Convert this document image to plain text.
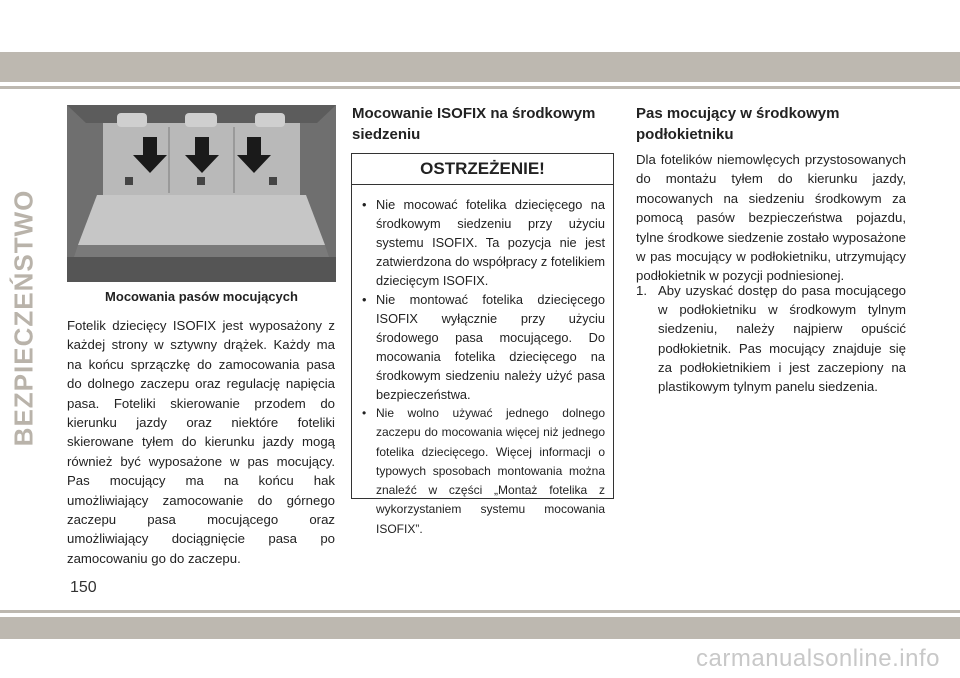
BEZPIECZEŃSTWO	Mocowania pasów mocujących

Fotelik dziecięcy ISOFIX jest wyposażony z każdej strony w sztywny drążek. Każdy ma na końcu sprzączkę do zamocowania pasa do dolnego zaczepu oraz regulację napięcia pasa. Foteliki skierowanie przodem do kierunku jazdy oraz niektóre foteliki skierowane tyłem do kierunku jazdy mogą również być wyposażone w pas mocujący. Pas mocujący ma na końcu hak umożliwiający zamocowanie do górnego zaczepu pasa mocującego oraz umożliwiający dociągnięcie pasa po zamocowaniu go do zaczepu.

Mocowanie ISOFIX na środkowym siedzeniu
OSTRZEŻENIE!
• Nie mocować fotelika dziecięcego na środkowym siedzeniu przy użyciu systemu ISOFIX. Ta pozycja nie jest zatwierdzona do współpracy z fotelikiem dziecięcym ISOFIX.
• Nie montować fotelika dziecięcego ISOFIX wyłącznie przy użyciu środowego pasa mocującego. Do mocowania fotelika dziecięcego na środkowym siedzeniu należy użyć pasa bezpieczeństwa.
• Nie wolno używać jednego dolnego zaczepu do mocowania więcej niż jednego fotelika dziecięcego. Więcej informacji o typowych sposobach montowania można znaleźć w części „Montaż fotelika z wykorzystaniem systemu mocowania ISOFIX”.
Pas mocujący w środkowym podłokietniku

Dla fotelików niemowlęcych przystosowanych do montażu tyłem do kierunku jazdy, mocowanych na siedzeniu środkowym za pomocą pasów bezpieczeństwa pojazdu, tylne środkowe siedzenie zostało wyposażone w pas mocujący w podłokietniku, utrzymujący podłokietnik w pozycji podniesionej.

1. Aby uzyskać dostęp do pasa mocującego w podłokietniku w środkowym tylnym siedzeniu, należy najpierw opuścić podłokietnik. Pas mocujący znajduje się za podłokietnikiem i jest zaczepiony na plastikowym tylnym panelu siedzenia.
150
carmanualsonline.info
